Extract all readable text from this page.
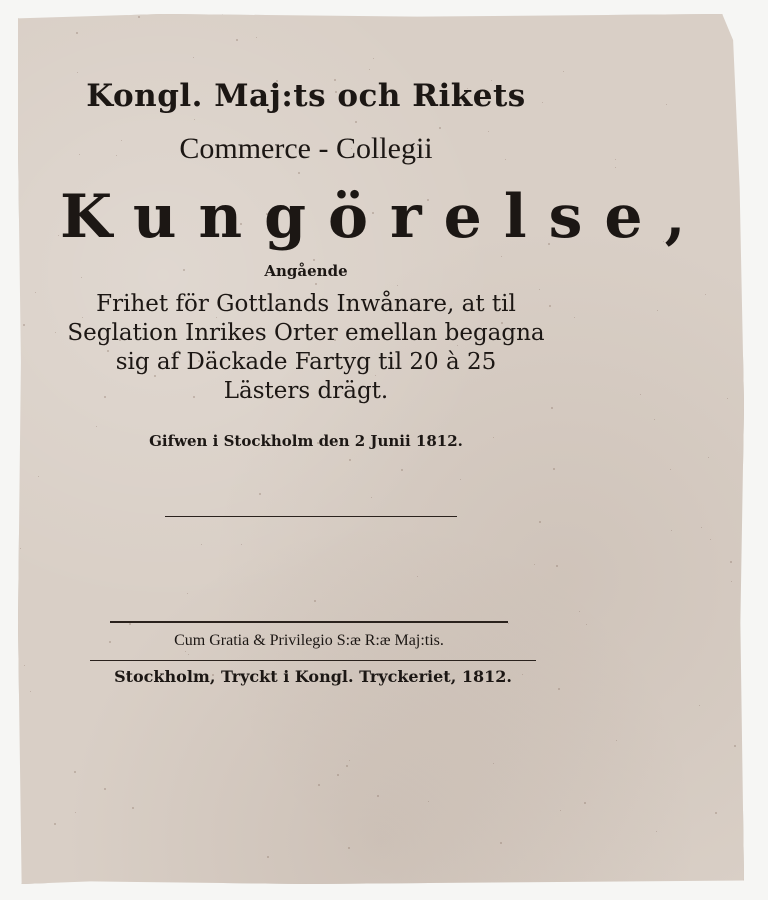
Kongl. Maj:ts och Rikets
Commerce - Collegii
Kungörelse,
Angående
Frihet för Gottlands Inwånare, at til
Seglation Inrikes Orter emellan begagna
sig af Däckade Fartyg til 20 à 25
Lästers drägt.
Gifwen i Stockholm den 2 Junii 1812.
Cum Gratia & Privilegio S:æ R:æ Maj:tis.
Stockholm, Tryckt i Kongl. Tryckeriet, 1812.
